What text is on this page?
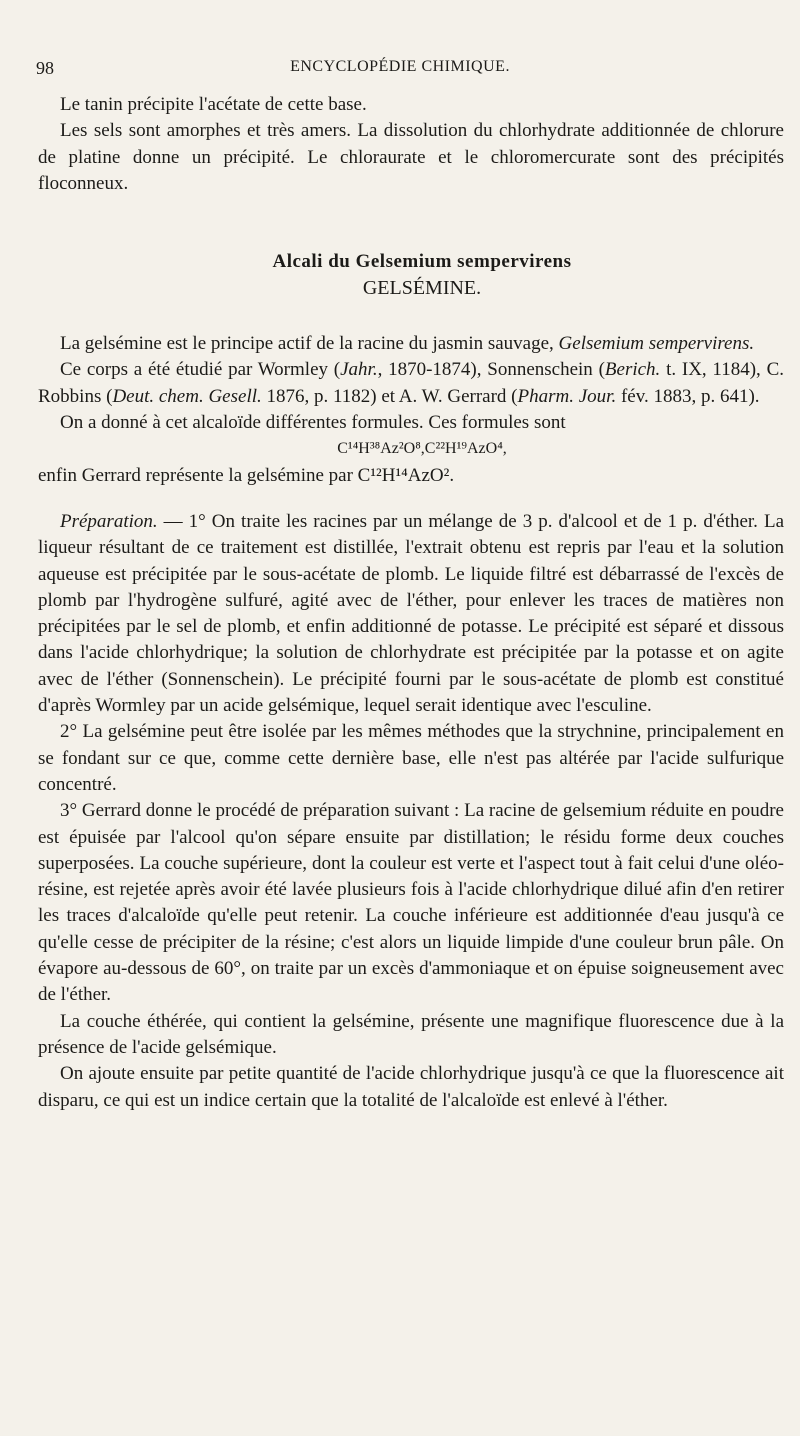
98	ENCYCLOPÉDIE CHIMIQUE.

Le tanin précipite l'acétate de cette base.

Les sels sont amorphes et très amers. La dissolution du chlorhydrate additionnée de chlorure de platine donne un précipité. Le chloraurate et le chloromercurate sont des précipités floconneux.

Alcali du Gelsemium sempervirens

GELSÉMINE.

La gelsémine est le principe actif de la racine du jasmin sauvage, Gelsemium sempervirens.

Ce corps a été étudié par Wormley (Jahr., 1870-1874), Sonnenschein (Berich. t. IX, 1184), C. Robbins (Deut. chem. Gesell. 1876, p. 1182) et A. W. Gerrard (Pharm. Jour. fév. 1883, p. 641).

On a donné à cet alcaloïde différentes formules. Ces formules sont

C¹⁴H³⁸Az²O⁸,C²²H¹⁹AzO⁴,

enfin Gerrard représente la gelsémine par C¹²H¹⁴AzO².

Préparation. — 1° On traite les racines par un mélange de 3 p. d'alcool et de 1 p. d'éther. La liqueur résultant de ce traitement est distillée, l'extrait obtenu est repris par l'eau et la solution aqueuse est précipitée par le sous-acétate de plomb. Le liquide filtré est débarrassé de l'excès de plomb par l'hydrogène sulfuré, agité avec de l'éther, pour enlever les traces de matières non précipitées par le sel de plomb, et enfin additionné de potasse. Le précipité est séparé et dissous dans l'acide chlorhydrique; la solution de chlorhydrate est précipitée par la potasse et on agite avec de l'éther (Sonnenschein). Le précipité fourni par le sous-acétate de plomb est constitué d'après Wormley par un acide gelsémique, lequel serait identique avec l'esculine.

2° La gelsémine peut être isolée par les mêmes méthodes que la strychnine, principalement en se fondant sur ce que, comme cette dernière base, elle n'est pas altérée par l'acide sulfurique concentré.

3° Gerrard donne le procédé de préparation suivant : La racine de gelsemium réduite en poudre est épuisée par l'alcool qu'on sépare ensuite par distillation; le résidu forme deux couches superposées. La couche supérieure, dont la couleur est verte et l'aspect tout à fait celui d'une oléo-résine, est rejetée après avoir été lavée plusieurs fois à l'acide chlorhydrique dilué afin d'en retirer les traces d'alcaloïde qu'elle peut retenir. La couche inférieure est additionnée d'eau jusqu'à ce qu'elle cesse de précipiter de la résine; c'est alors un liquide limpide d'une couleur brun pâle. On évapore au-dessous de 60°, on traite par un excès d'ammoniaque et on épuise soigneusement avec de l'éther.

La couche éthérée, qui contient la gelsémine, présente une magnifique fluorescence due à la présence de l'acide gelsémique.

On ajoute ensuite par petite quantité de l'acide chlorhydrique jusqu'à ce que la fluorescence ait disparu, ce qui est un indice certain que la totalité de l'alcaloïde est enlevé à l'éther.
